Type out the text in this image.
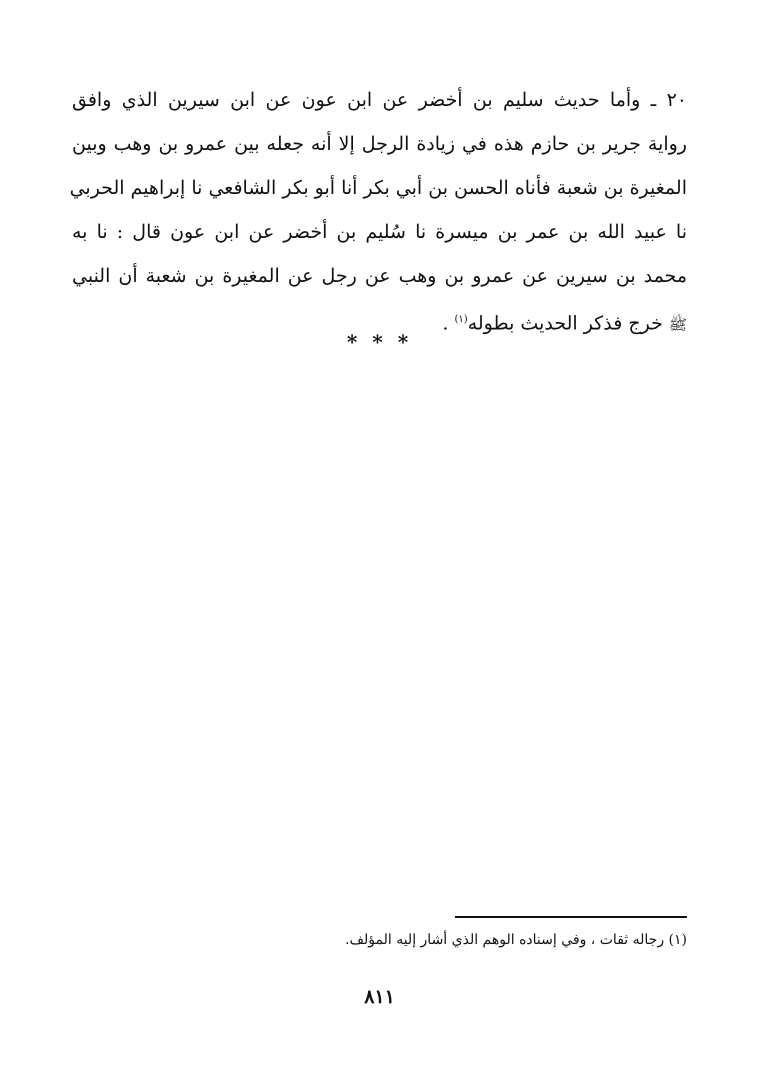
٢٠ ـ وأما حديث سليم بن أخضر عن ابن عون عن ابن سيرين الذي وافق
رواية جرير بن حازم هذه في زيادة الرجل إلا أنه جعله بين عمرو بن وهب وبين
المغيرة بن شعبة فأناه الحسن بن أبي بكر أنا أبو بكر الشافعي نا إبراهيم الحربي
نا عبيد الله بن عمر بن ميسرة نا سُليم بن أخضر عن ابن عون قال : نا به
محمد بن سيرين عن عمرو بن وهب عن رجل عن المغيرة بن شعبة أن النبي
ﷺ خرج فذكر الحديث بطوله$^{(١)}$ .
* * *
(١) رجاله ثقات ، وفي إسناده الوهم الذي أشار إليه المؤلف.
٨١١
